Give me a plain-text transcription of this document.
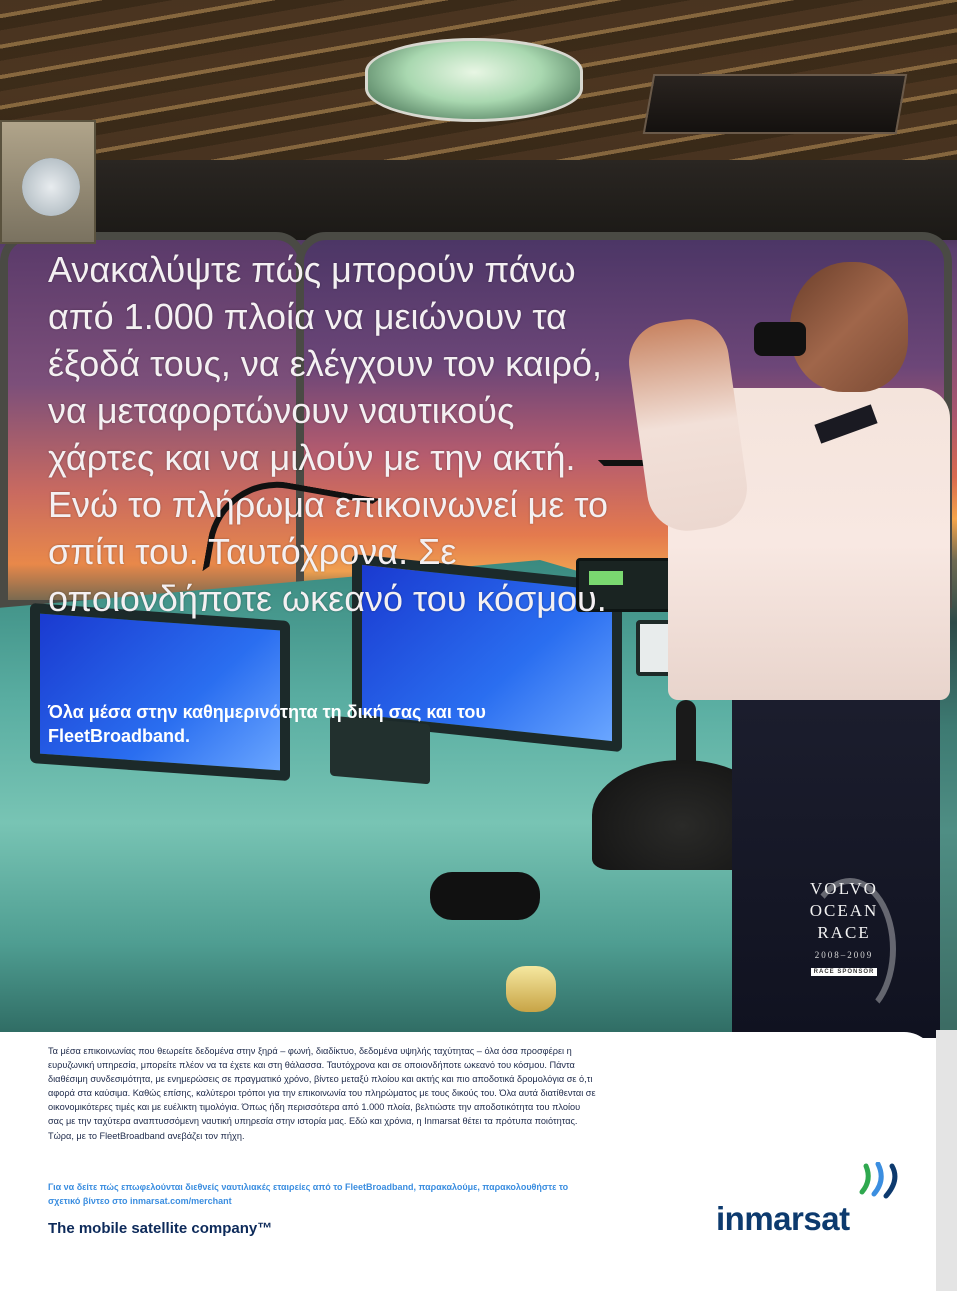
Ανακαλύψτε πώς μπορούν πάνω από 1.000 πλοία να μειώνουν τα έξοδά τους, να ελέγχουν τον καιρό, να μεταφορτώνουν ναυτικούς χάρτες και να μιλούν με την ακτή. Ενώ το πλήρωμα επικοινωνεί με το σπίτι του. Ταυτόχρονα. Σε οποιονδήποτε ωκεανό του κόσμου.

Όλα μέσα στην καθημερινότητα τη δική σας και του FleetBroadband.

VOLVO
OCEAN
RACE
2008–2009
RACE SPONSOR

Τα μέσα επικοινωνίας που θεωρείτε δεδομένα στην ξηρά – φωνή, διαδίκτυο, δεδομένα υψηλής ταχύτητας – όλα όσα προσφέρει η ευρυζωνική υπηρεσία, μπορείτε πλέον να τα έχετε και στη θάλασσα. Ταυτόχρονα και σε οποιονδήποτε ωκεανό του κόσμου. Πάντα διαθέσιμη συνδεσιμότητα, με ενημερώσεις σε πραγματικό χρόνο, βίντεο μεταξύ πλοίου και ακτής και πιο αποδοτικά δρομολόγια σε ό,τι αφορά στα καύσιμα. Καθώς επίσης, καλύτεροι τρόποι για την επικοινωνία του πληρώματος με τους δικούς του. Όλα αυτά διατίθενται σε οικονομικότερες τιμές και με ευέλικτη τιμολόγια. Όπως ήδη περισσότερα από 1.000 πλοία, βελτιώστε την αποδοτικότητα του πλοίου σας με την ταχύτερα αναπτυσσόμενη ναυτική υπηρεσία στην ιστορία μας. Εδώ και χρόνια, η Inmarsat θέτει τα πρότυπα ποιότητας. Τώρα, με το FleetBroadband ανεβάζει τον πήχη.

Για να δείτε πώς επωφελούνται διεθνείς ναυτιλιακές εταιρείες από το FleetBroadband, παρακαλούμε, παρακολουθήστε το σχετικό βίντεο στο inmarsat.com/merchant

The mobile satellite company™	inmarsat
